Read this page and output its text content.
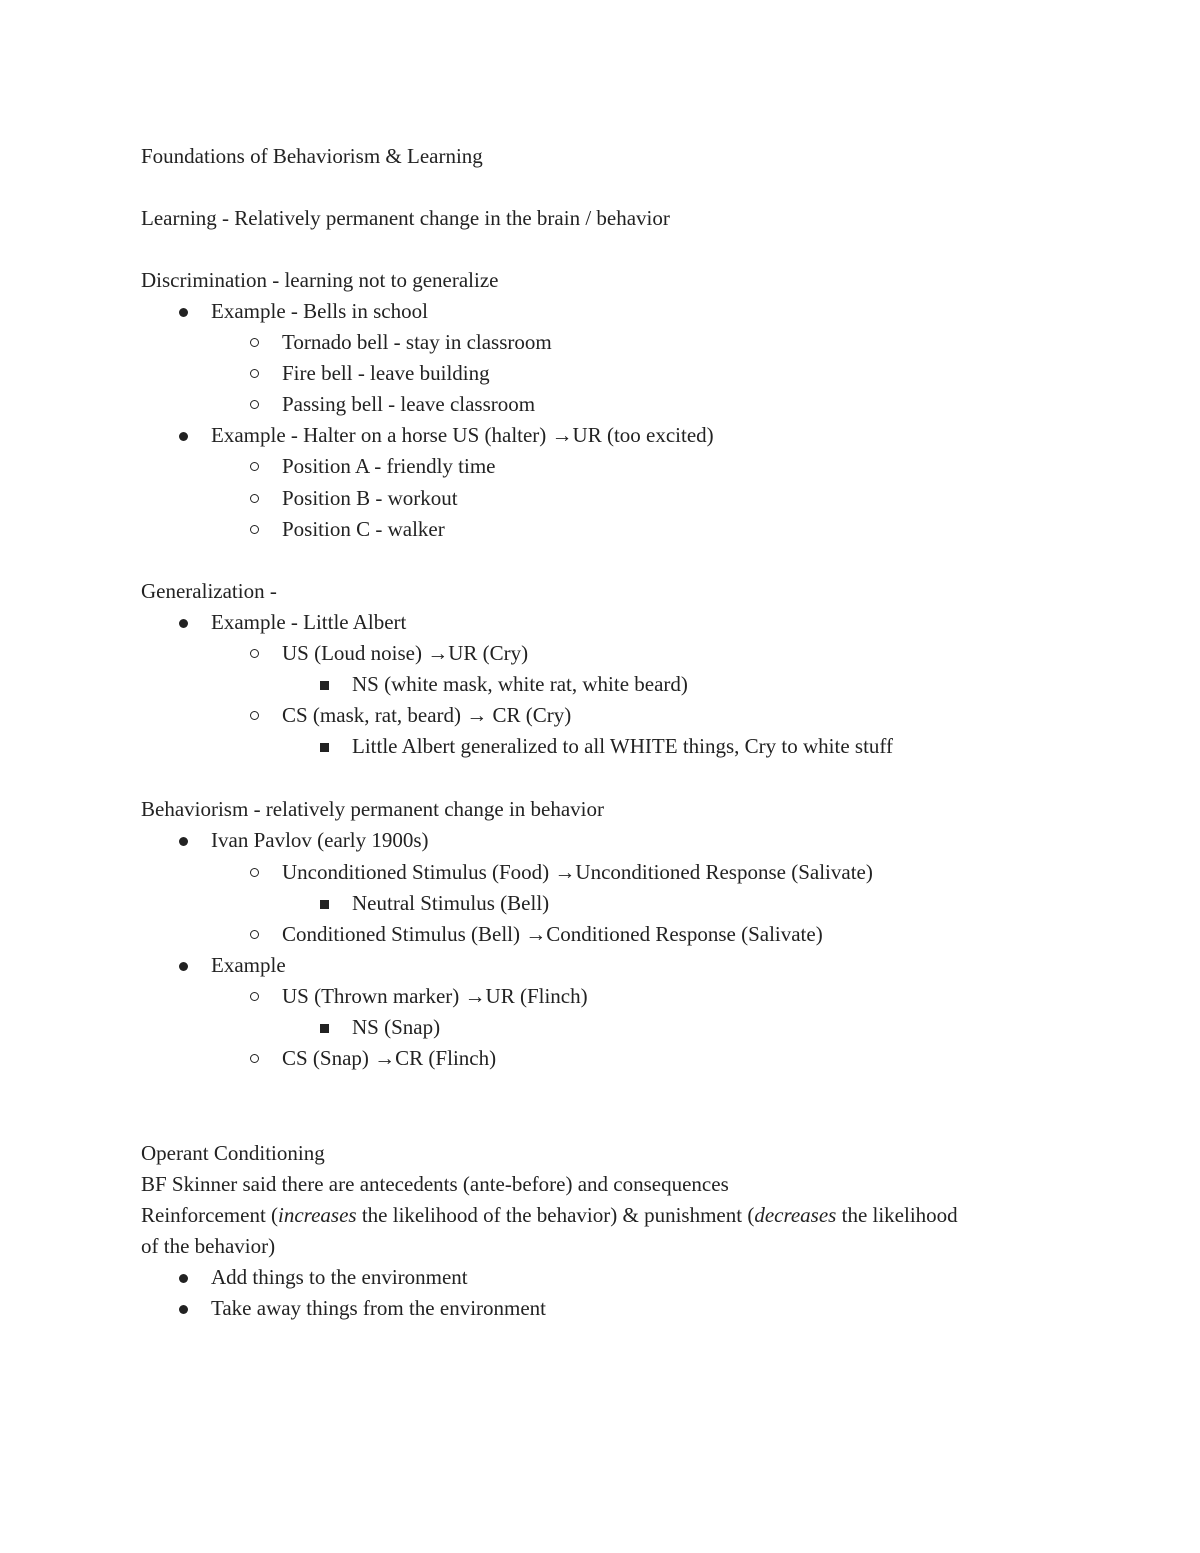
Foundations of Behaviorism & Learning
Learning - Relatively permanent change in the brain / behavior
Discrimination - learning not to generalize
Example - Bells in school
Tornado bell - stay in classroom
Fire bell - leave building
Passing bell - leave classroom
Example - Halter on a horse US (halter) →UR (too excited)
Position A - friendly time
Position B - workout
Position C - walker
Generalization -
Example - Little Albert
US (Loud noise) →UR (Cry)
NS (white mask, white rat, white beard)
CS (mask, rat, beard) → CR (Cry)
Little Albert generalized to all WHITE things, Cry to white stuff
Behaviorism - relatively permanent change in behavior
Ivan Pavlov (early 1900s)
Unconditioned Stimulus (Food) →Unconditioned Response (Salivate)
Neutral Stimulus (Bell)
Conditioned Stimulus (Bell) →Conditioned Response (Salivate)
Example
US (Thrown marker) →UR (Flinch)
NS (Snap)
CS (Snap) →CR (Flinch)
Operant Conditioning
BF Skinner said there are antecedents (ante-before) and consequences
Reinforcement (increases the likelihood of the behavior) & punishment (decreases the likelihood
of the behavior)
Add things to the environment
Take away things from the environment
